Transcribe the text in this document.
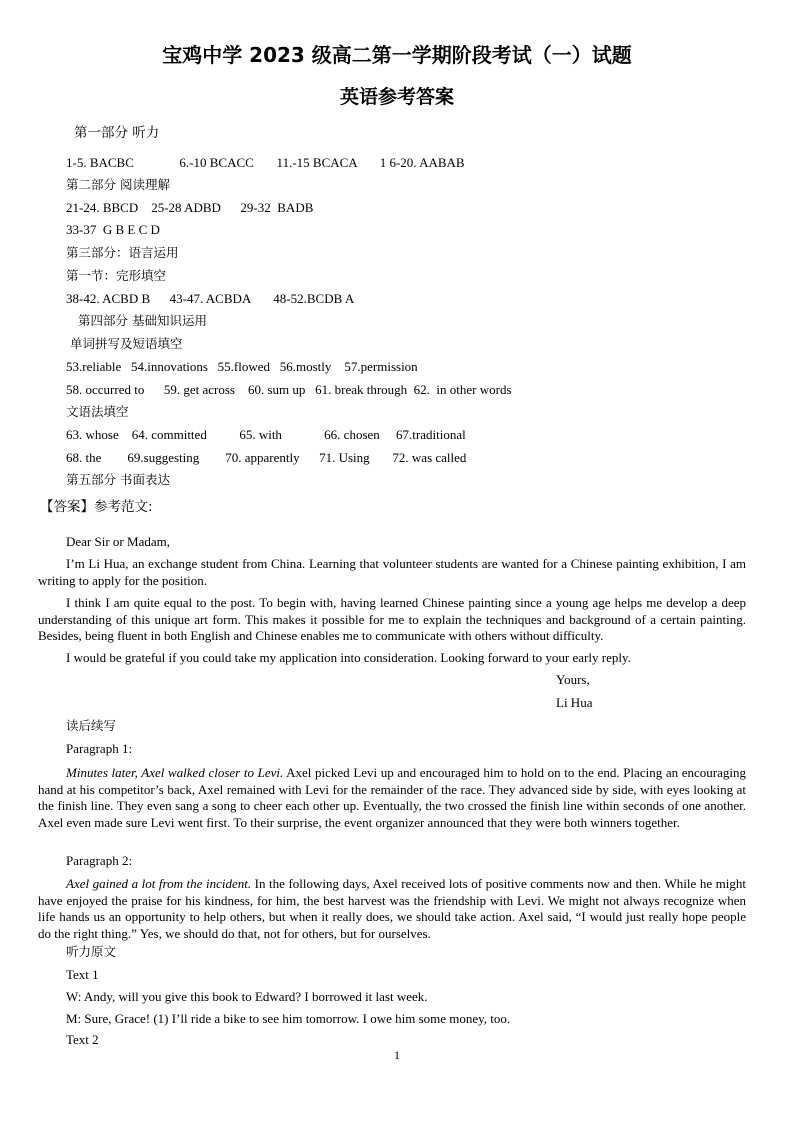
宝鸡中学 2023 级高二第一学期阶段考试（一）试题
英语参考答案
第一部分 听力
1-5. BACBC              6.-10 BCACC       11.-15 BCACA       1 6-20. AABAB
第二部分 阅读理解
21-24. BBCD    25-28 ADBD      29-32  BADB
33-37  G B E C D
第三部分：语言运用
第一节：完形填空
38-42. ACBD B      43-47. ACBDA       48-52.BCDB A
第四部分 基础知识运用
单词拼写及短语填空
53.reliable   54.innovations   55.flowed   56.mostly    57.permission
58. occurred to      59. get across    60. sum up   61. break through  62.  in other words
文语法填空
63. whose    64. committed          65. with             66. chosen     67.traditional
68. the        69.suggesting        70. apparently      71. Using       72. was called
第五部分 书面表达
【答案】参考范文:
Dear Sir or Madam,

I’m Li Hua, an exchange student from China. Learning that volunteer students are wanted for a Chinese painting exhibition, I am writing to apply for the position.

I think I am quite equal to the post. To begin with, having learned Chinese painting since a young age helps me develop a deep understanding of this unique art form. This makes it possible for me to explain the techniques and background of a certain painting. Besides, being fluent in both English and Chinese enables me to communicate with others without difficulty.

I would be grateful if you could take my application into consideration. Looking forward to your early reply.

Yours,
Li Hua
读后续写
Paragraph 1:

Minutes later, Axel walked closer to Levi. Axel picked Levi up and encouraged him to hold on to the end. Placing an encouraging hand at his competitor’s back, Axel remained with Levi for the remainder of the race. They advanced side by side, with eyes looking at the finish line. They even sang a song to cheer each other up. Eventually, the two crossed the finish line within seconds of one another. Axel even made sure Levi went first. To their surprise, the event organizer announced that they were both winners together.

Paragraph 2:

Axel gained a lot from the incident. In the following days, Axel received lots of positive comments now and then. While he might have enjoyed the praise for his kindness, for him, the best harvest was the friendship with Levi. We might not always recognize when life hands us an opportunity to help others, but when it really does, we should take action. Axel said, “I would just really hope people do the right thing.” Yes, we should do that, not for others, but for ourselves.

听力原文
Text 1
W: Andy, will you give this book to Edward? I borrowed it last week.
M: Sure, Grace! (1) I’ll ride a bike to see him tomorrow. I owe him some money, too.
Text 2
1
